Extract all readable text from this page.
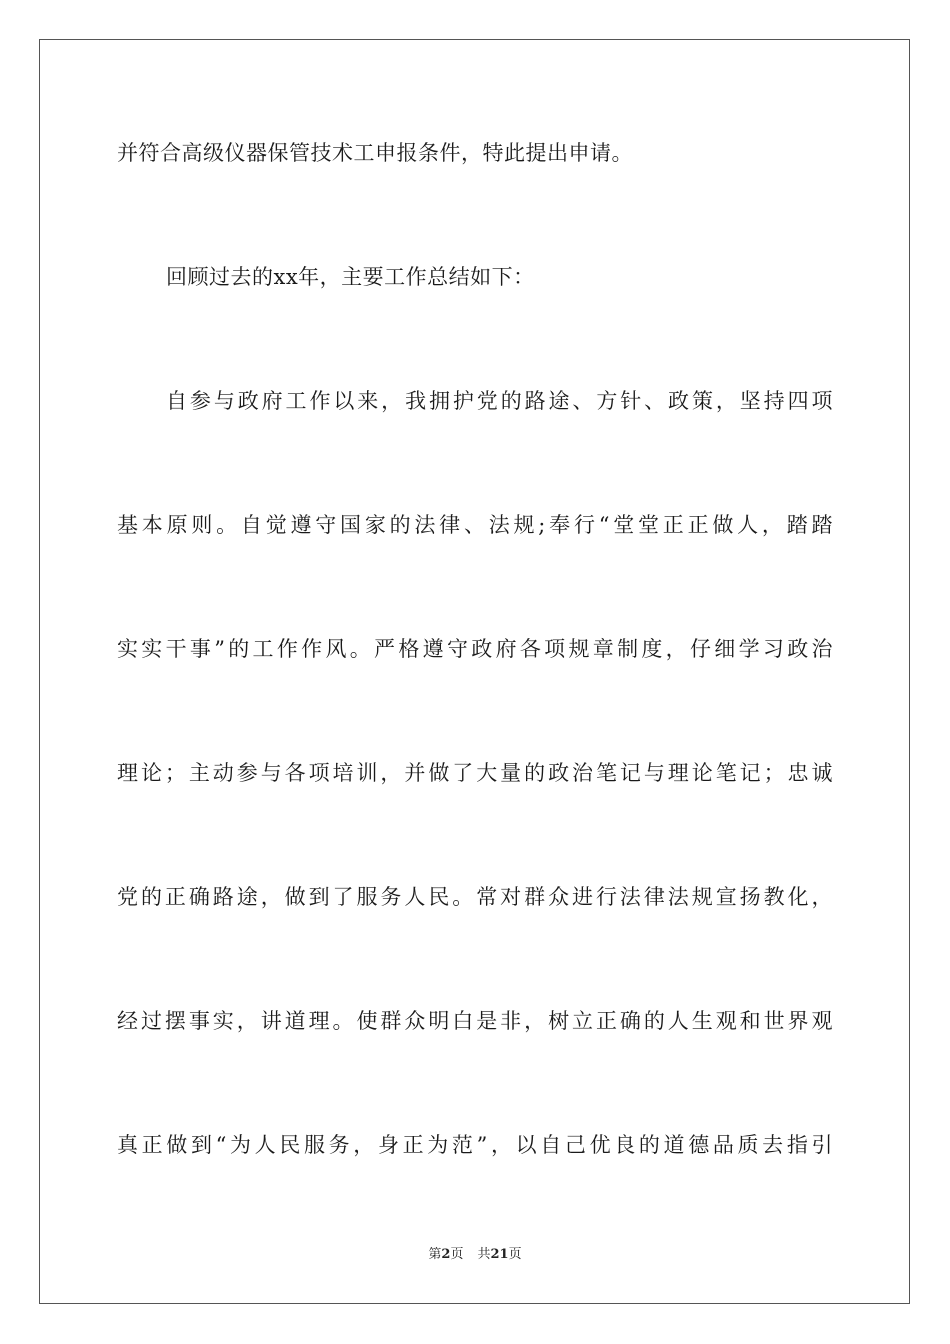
并符合高级仪器保管技术工申报条件，特此提出申请。
回顾过去的xx年，主要工作总结如下：
自参与政府工作以来，我拥护党的路途、方针、政策，坚持四项
基本原则。自觉遵守国家的法律、法规;奉行“堂堂正正做人，踏踏
实实干事”的工作作风。严格遵守政府各项规章制度，仔细学习政治
理论；主动参与各项培训，并做了大量的政治笔记与理论笔记；忠诚
党的正确路途，做到了服务人民。常对群众进行法律法规宣扬教化，
经过摆事实，讲道理。使群众明白是非，树立正确的人生观和世界观
真正做到“为人民服务，身正为范”，以自己优良的道德品质去指引
第2页 共21页
